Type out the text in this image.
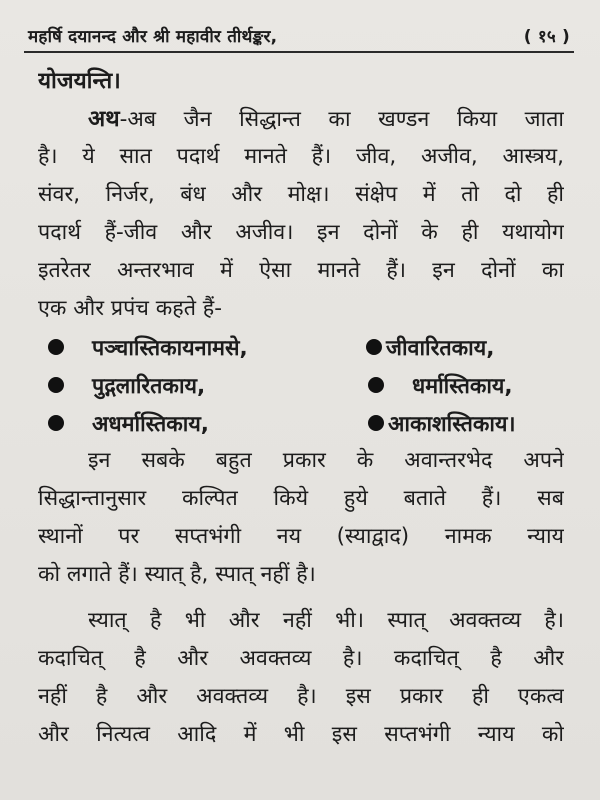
महर्षि दयानन्द और श्री महावीर तीर्थङ्कर,	( १५ )
योजयन्ति।
अथ-अब जैन सिद्धान्त का खण्डन किया जाता
है। ये सात पदार्थ मानते हैं। जीव, अजीव, आस्त्रय,
संवर, निर्जर, बंध और मोक्ष। संक्षेप में तो दो ही
पदार्थ हैं-जीव और अजीव। इन दोनों के ही यथायोग
इतरेतर अन्तरभाव में ऐसा मानते हैं। इन दोनों का
एक और प्रपंच कहते हैं-
पञ्चास्तिकायनामसे,	जीवारितकाय,
पुद्गलारितकाय,	धर्मास्तिकाय,
अधर्मास्तिकाय,	आकाशस्तिकाय।
इन सबके बहुत प्रकार के अवान्तरभेद अपने
सिद्धान्तानुसार कल्पित किये हुये बताते हैं। सब
स्थानों पर सप्तभंगी नय (स्याद्वाद) नामक न्याय
को लगाते हैं। स्यात् है, स्पात् नहीं है।
स्यात् है भी और नहीं भी। स्पात् अवक्तव्य है।
कदाचित् है और अवक्तव्य है। कदाचित् है और
नहीं है और अवक्तव्य है। इस प्रकार ही एकत्व
और नित्यत्व आदि में भी इस सप्तभंगी न्याय को
